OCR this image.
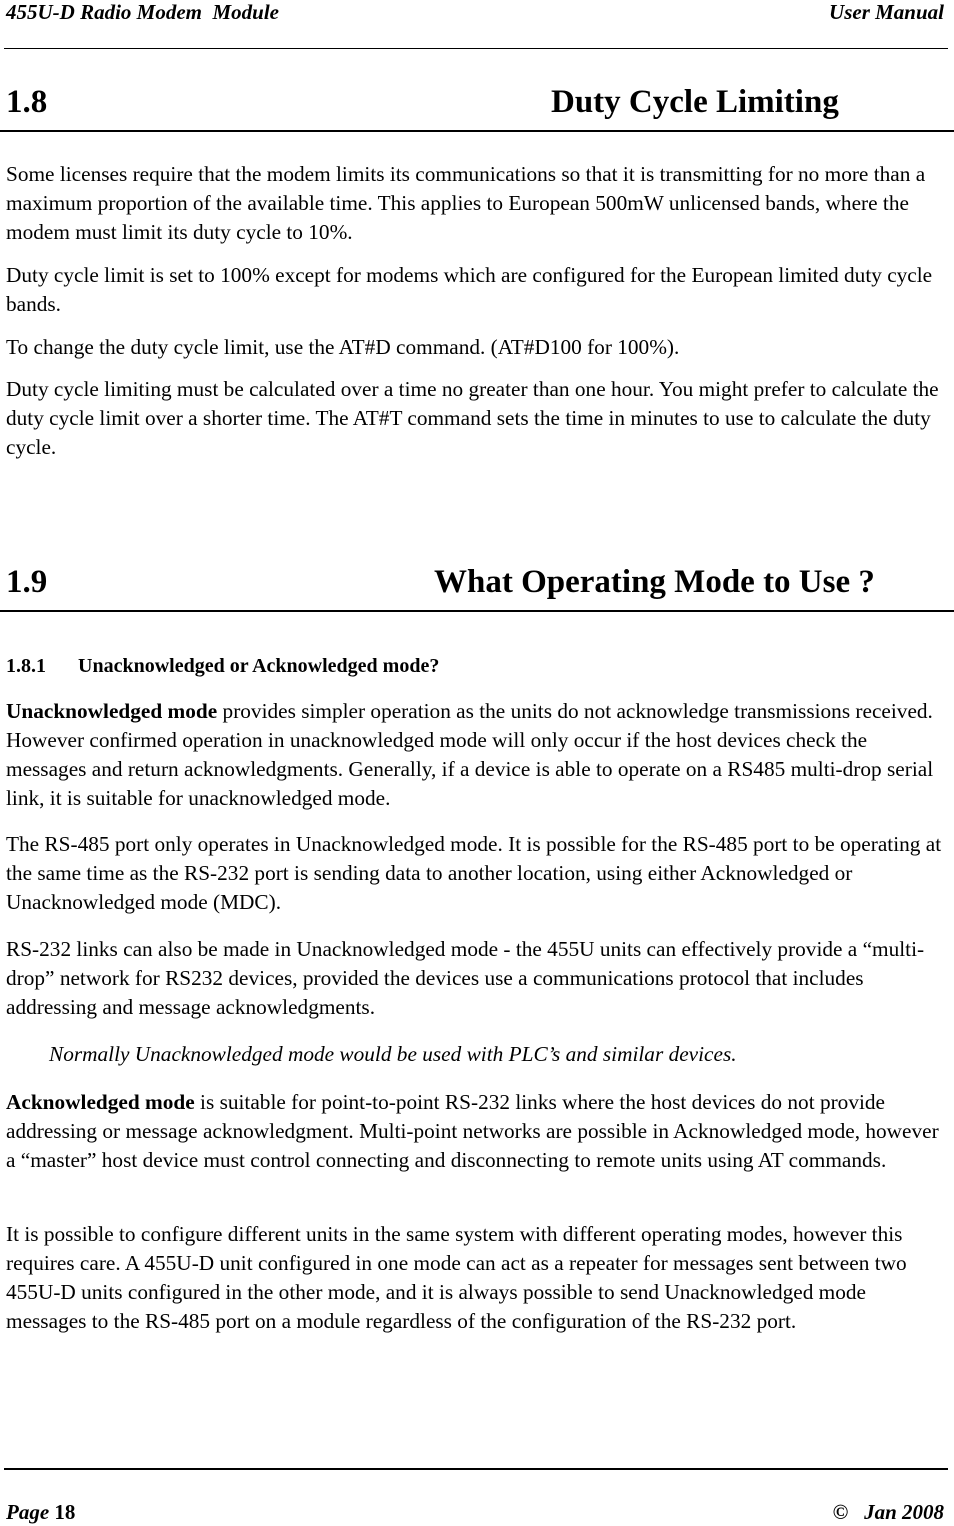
455U-D Radio Modem  Module	User Manual
1.8	Duty Cycle Limiting

Some licenses require that the modem limits its communications so that it is transmitting for no more than a maximum proportion of the available time. This applies to European 500mW unlicensed bands, where the modem must limit its duty cycle to 10%.

Duty cycle limit is set to 100% except for modems which are configured for the European limited duty cycle bands.

To change the duty cycle limit, use the AT#D command. (AT#D100 for 100%).

Duty cycle limiting must be calculated over a time no greater than one hour. You might prefer to calculate the duty cycle limit over a shorter time. The AT#T command sets the time in minutes to use to calculate the duty cycle.

1.9	What Operating Mode to Use ?
1.8.1 Unacknowledged or Acknowledged mode?

Unacknowledged mode provides simpler operation as the units do not acknowledge transmissions received. However confirmed operation in unacknowledged mode will only occur if the host devices check the messages and return acknowledgments. Generally, if a device is able to operate on a RS485 multi-drop serial link, it is suitable for unacknowledged mode.

The RS-485 port only operates in Unacknowledged mode. It is possible for the RS-485 port to be operating at the same time as the RS-232 port is sending data to another location, using either Acknowledged or Unacknowledged mode (MDC).

RS-232 links can also be made in Unacknowledged mode - the 455U units can effectively provide a “multi-drop” network for RS232 devices, provided the devices use a communications protocol that includes addressing and message acknowledgments.

Normally Unacknowledged mode would be used with PLC’s and similar devices.

Acknowledged mode is suitable for point-to-point RS-232 links where the host devices do not provide addressing or message acknowledgment. Multi-point networks are possible in Acknowledged mode, however a “master” host device must control connecting and disconnecting to remote units using AT commands.

It is possible to configure different units in the same system with different operating modes, however this requires care. A 455U-D unit configured in one mode can act as a repeater for messages sent between two 455U-D units configured in the other mode, and it is always possible to send Unacknowledged mode messages to the RS-485 port on a module regardless of the configuration of the RS-232 port.

Page 18	©   Jan 2008
